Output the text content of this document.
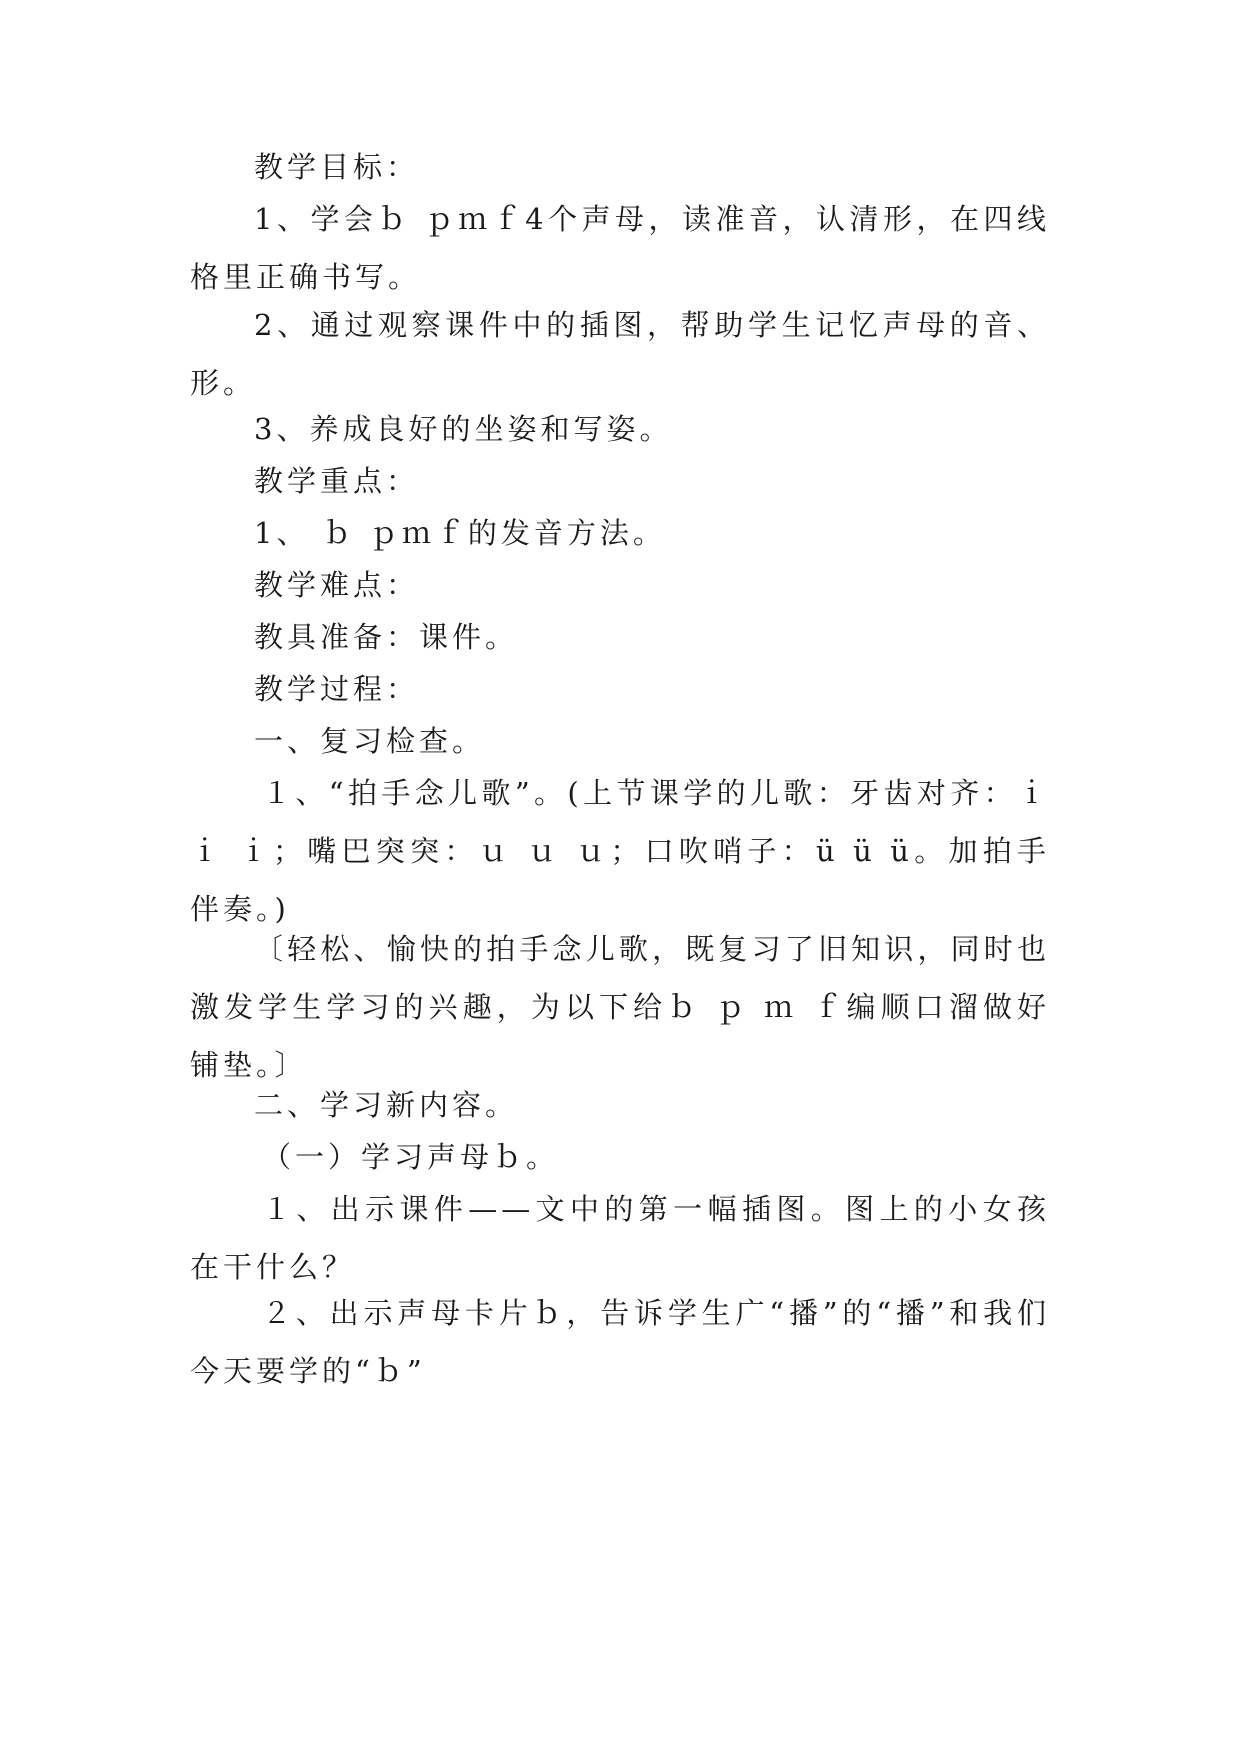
教学目标：

1、学会ｂ ｐｍｆ4个声母，读准音，认清形，在四线格里正确书写。

2、通过观察课件中的插图，帮助学生记忆声母的音、形。

3、养成良好的坐姿和写姿。

教学重点：

1、 ｂ ｐｍｆ的发音方法。

教学难点：

教具准备：课件。

教学过程：

一、复习检查。

１、“拍手念儿歌”。(上节课学的儿歌：牙齿对齐：ｉ ｉ ｉ；嘴巴突突：ｕ ｕ ｕ；口吹哨子：ü ü ü。加拍手伴奏。)

〔轻松、愉快的拍手念儿歌，既复习了旧知识，同时也激发学生学习的兴趣，为以下给ｂ ｐ ｍ ｆ编顺口溜做好铺垫。〕

二、学习新内容。

（一）学习声母ｂ。

１、出示课件——文中的第一幅插图。图上的小女孩在干什么？

２、出示声母卡片ｂ，告诉学生广“播”的“播”和我们今天要学的“ｂ”
